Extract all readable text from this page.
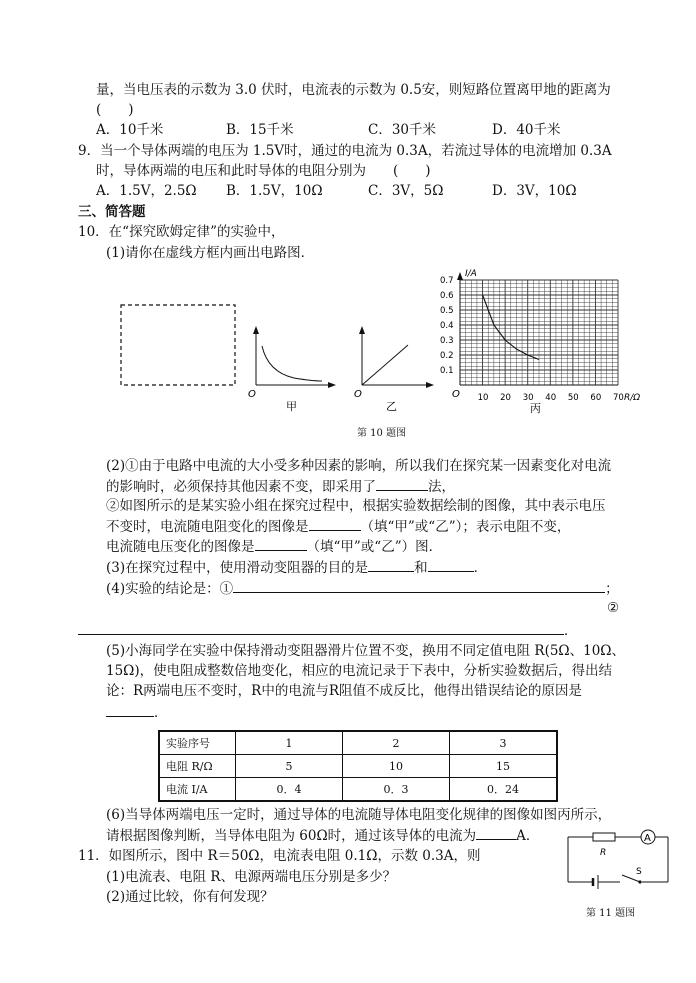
量，当电压表的示数为 3.0 伏时，电流表的示数为 0.5安，则短路位置离甲地的距离为
(　　)
A．10千米	B．15千米	C．30千米	D．40千米
9．当一个导体两端的电压为 1.5V时，通过的电流为 0.3A，若流过导体的电流增加 0.3A
时，导体两端的电压和此时导体的电阻分别为　　(　　)
A．1.5V，2.5Ω B．1.5V，10Ω	C．3V，5Ω	D．3V，10Ω
三、简答题
10．在“探究欧姆定律”的实验中，
(1)请你在虚线方框内画出电路图．
O
甲
O
乙
I/A
R/Ω
O
0.1
0.2
0.3
0.4
0.5
0.6
0.7
10 20 30 40 50 60 70
丙
第 10 题图
(2)①由于电路中电流的大小受多种因素的影响，所以我们在探究某一因素变化对电流
的影响时，必须保持其他因素不变，即采用了	法，
②如图所示的是某实验小组在探究过程中，根据实验数据绘制的图像，其中表示电压
不变时，电流随电阻变化的图像是	（填“甲”或“乙”）；表示电阻不变，
电流随电压变化的图像是	（填“甲”或“乙”）图．
(3)在探究过程中，使用滑动变阻器的目的是	和	．
(4)实验的结论是：①	；
②
．
(5)小海同学在实验中保持滑动变阻器滑片位置不变，换用不同定值电阻 R(5Ω、10Ω、
15Ω)，使电阻成整数倍地变化，相应的电流记录于下表中，分析实验数据后，得出结
论：R两端电压不变时，R中的电流与R阻值不成反比，他得出错误结论的原因是
．
实验序号	1	2	3
电阻 R/Ω	5	10	15
电流 I/A	0．4	0．3	0．24
(6)当导体两端电压一定时，通过导体的电流随导体电阻变化规律的图像如图丙所示，
请根据图像判断，当导体电阻为 60Ω时，通过该导体的电流为	A．
11．如图所示，图中 R＝50Ω，电流表电阻 0.1Ω，示数 0.3A，则
(1)电流表、电阻 R、电源两端电压分别是多少？
(2)通过比较，你有何发现？
A
R
S
第 11 题图
